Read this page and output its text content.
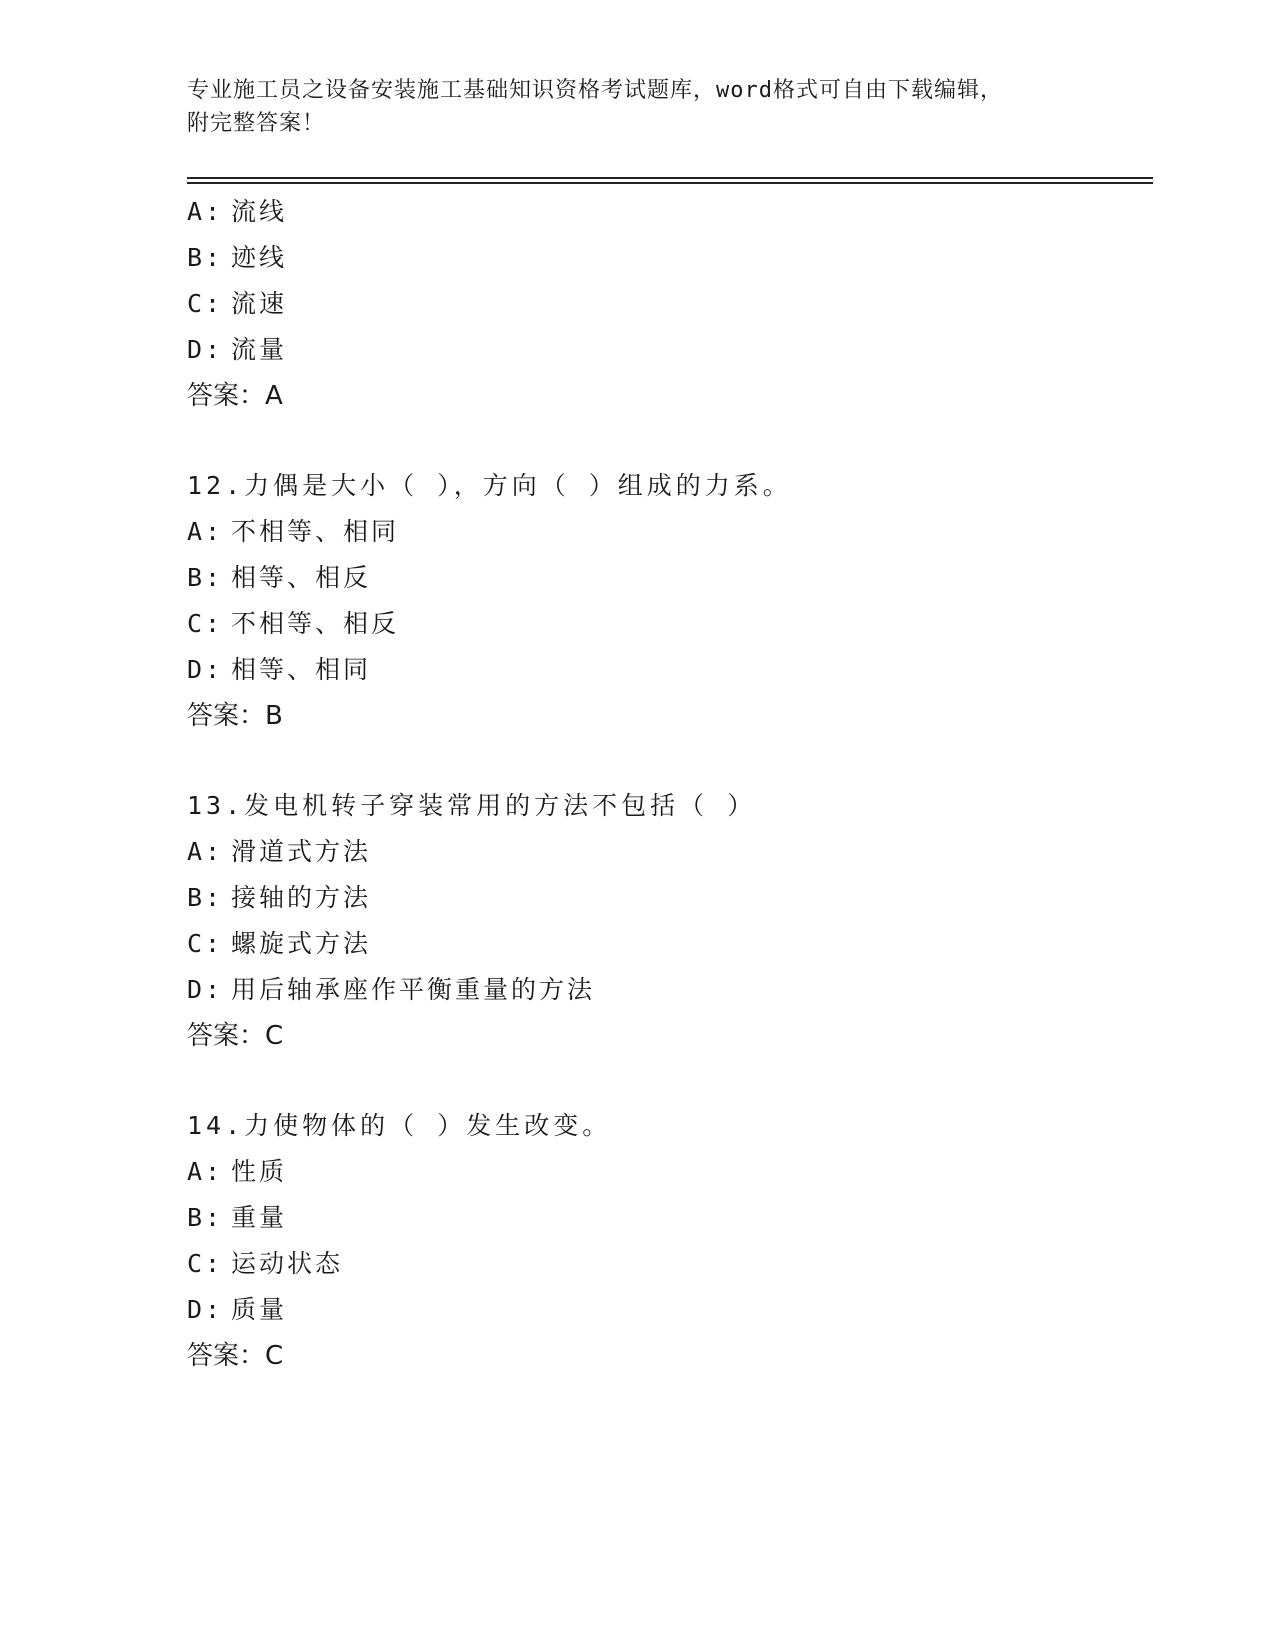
专业施工员之设备安装施工基础知识资格考试题库，word格式可自由下载编辑，
附完整答案！
A: 流线
B: 迹线
C: 流速
D: 流量
答案：A
12.力偶是大小（ ），方向（ ）组成的力系。
A: 不相等、相同
B: 相等、相反
C: 不相等、相反
D: 相等、相同
答案：B
13.发电机转子穿装常用的方法不包括（ ）
A: 滑道式方法
B: 接轴的方法
C: 螺旋式方法
D: 用后轴承座作平衡重量的方法
答案：C
14.力使物体的（ ）发生改变。
A: 性质
B: 重量
C: 运动状态
D: 质量
答案：C
